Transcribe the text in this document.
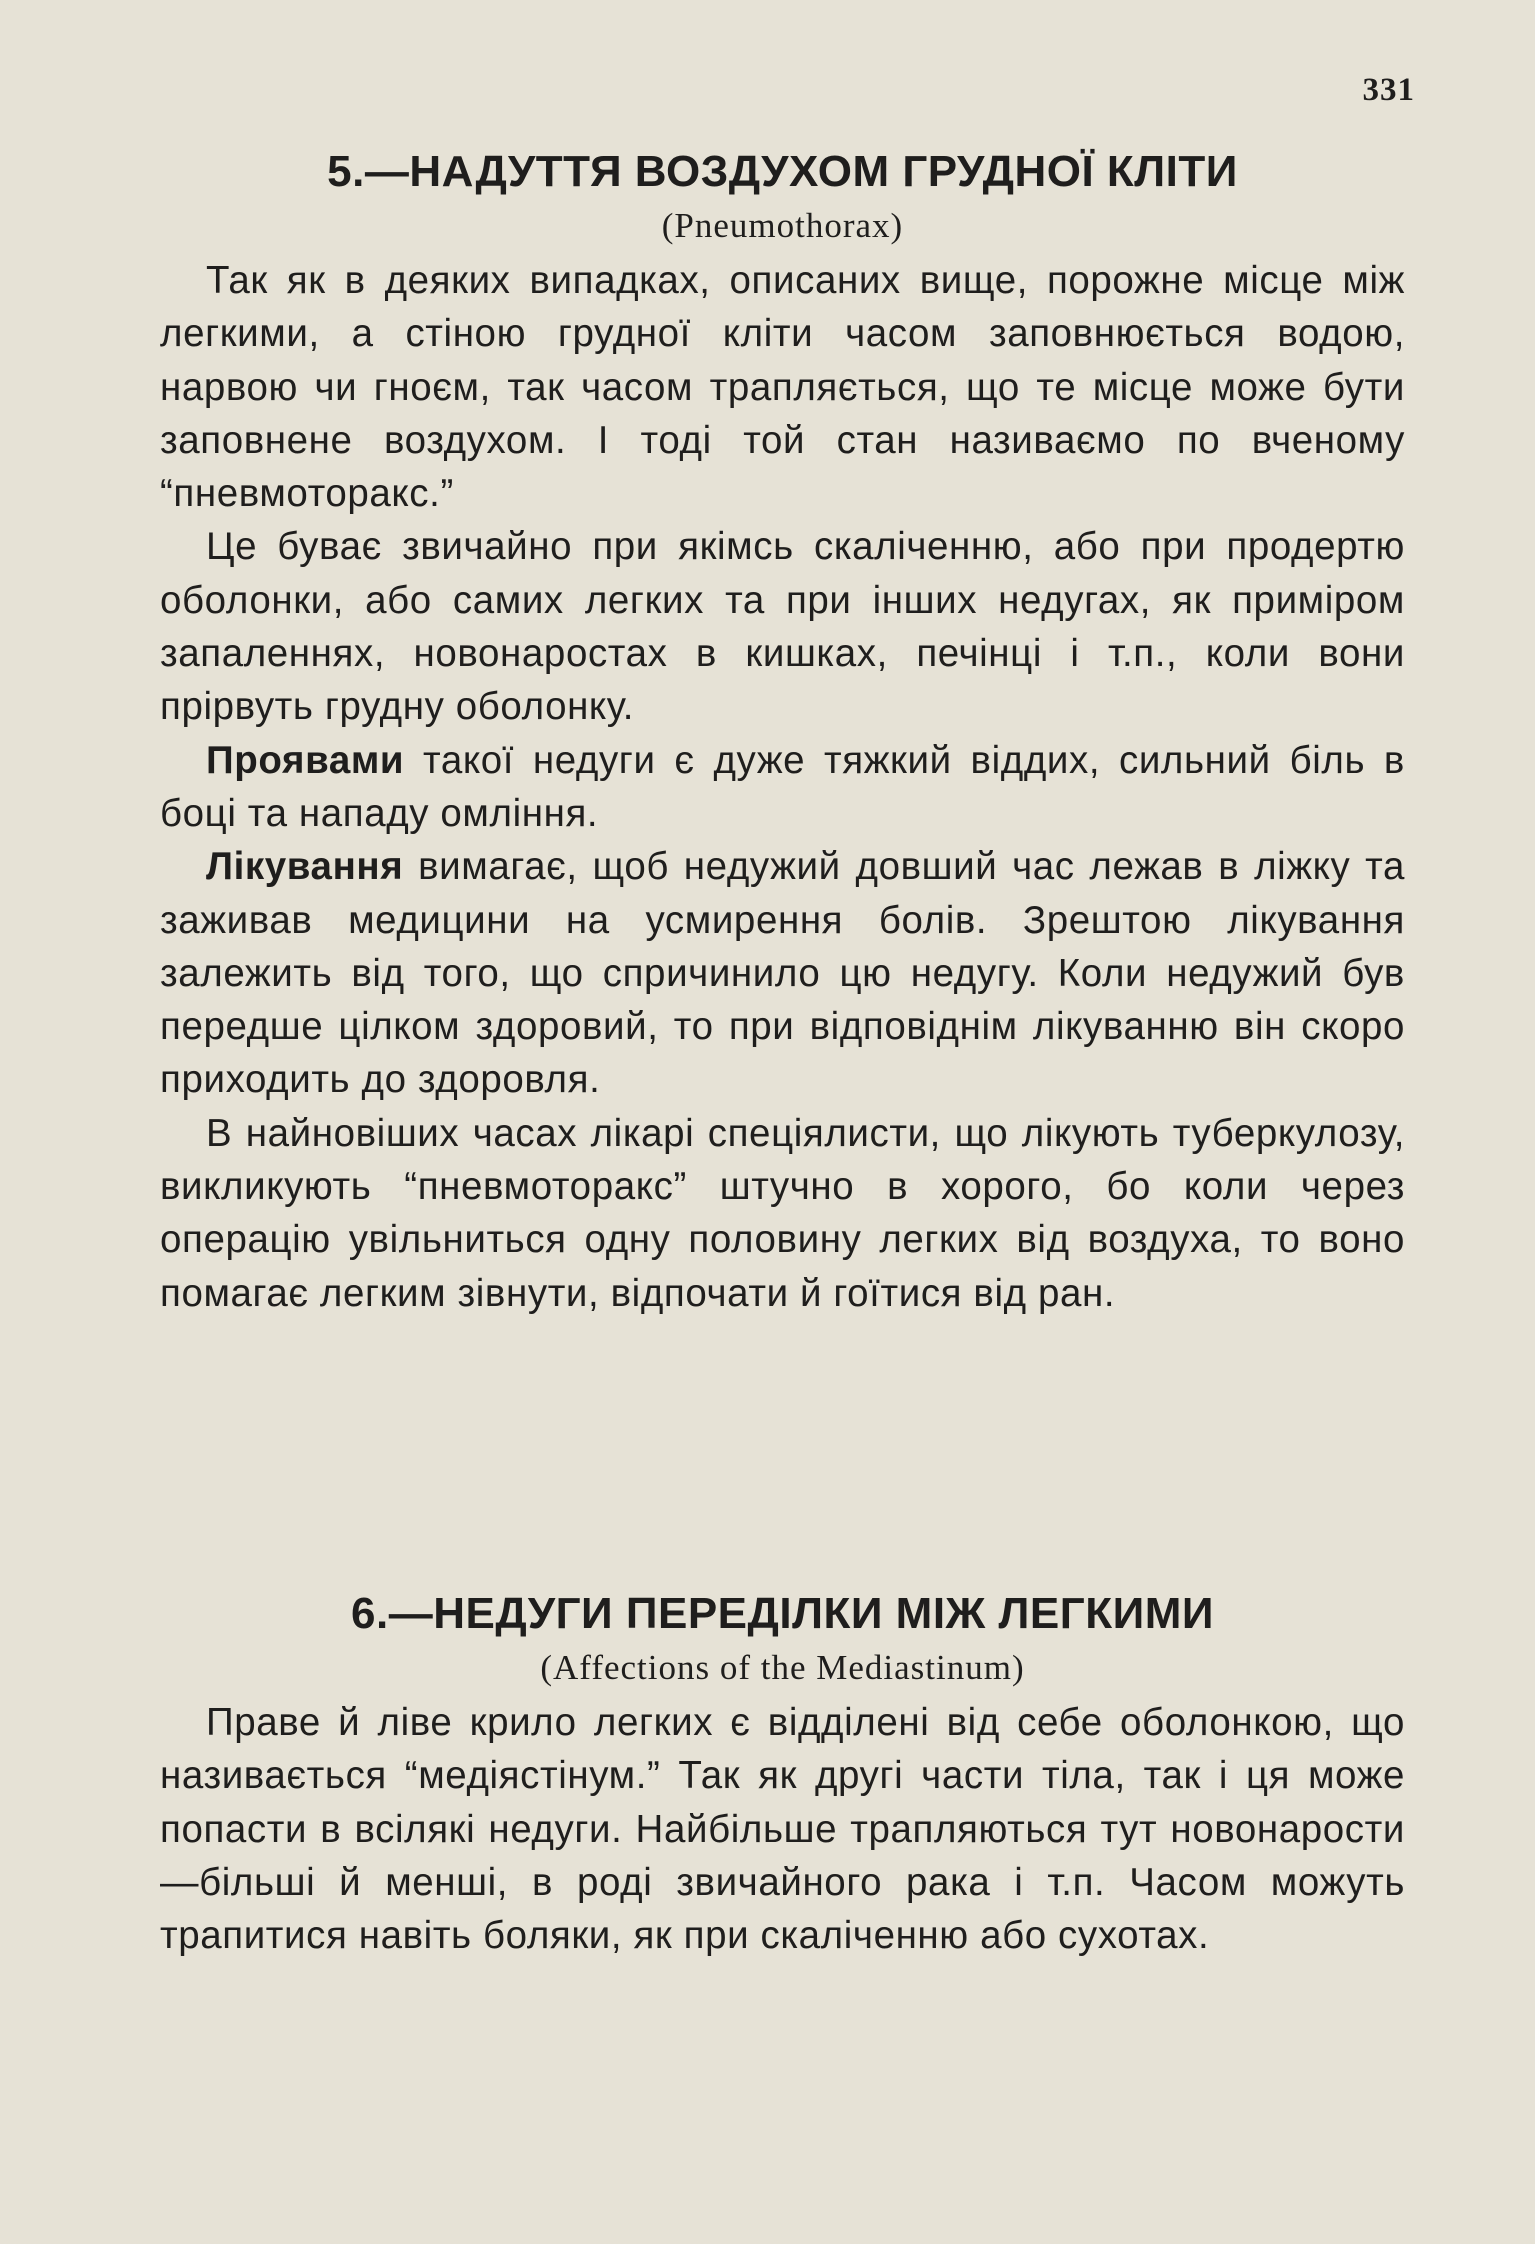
331
5.—НАДУТТЯ ВОЗДУХОМ ГРУДНОЇ КЛІТИ
(Pneumothorax)

Так як в деяких випадках, описаних вище, порожне місце між легкими, а стіною грудної кліти часом заповнюється водою, нарвою чи гноєм, так часом трапляється, що те місце може бути заповнене воздухом. І тоді той стан називаємо по вченому “пневмоторакс.”

Це буває звичайно при якімсь скаліченню, або при продертю оболонки, або самих легких та при інших недугах, як приміром запаленнях, новонаростах в кишках, печінці і т.п., коли вони прірвуть грудну оболонку.

Проявами такої недуги є дуже тяжкий віддих, сильний біль в боці та нападу омління.

Лікування вимагає, щоб недужий довший час лежав в ліжку та заживав медицини на усмирення болів. Зрештою лікування залежить від того, що спричинило цю недугу. Коли недужий був передше цілком здоровий, то при відповіднім лікуванню він скоро приходить до здоровля.

В найновіших часах лікарі спеціялисти, що лікують туберкулозу, викликують “пневмоторакс” штучно в хорого, бо коли через операцію увільниться одну половину легких від воздуха, то воно помагає легким зівнути, відпочати й гоїтися від ран.

6.—НЕДУГИ ПЕРЕДІЛКИ МІЖ ЛЕГКИМИ
(Affections of the Mediastinum)

Праве й ліве крило легких є відділені від себе оболонкою, що називається “медіястінум.” Так як другі части тіла, так і ця може попасти в всілякі недуги. Найбільше трапляються тут новонарости—більші й менші, в роді звичайного рака і т.п. Часом можуть трапитися навіть боляки, як при скаліченню або сухотах.
